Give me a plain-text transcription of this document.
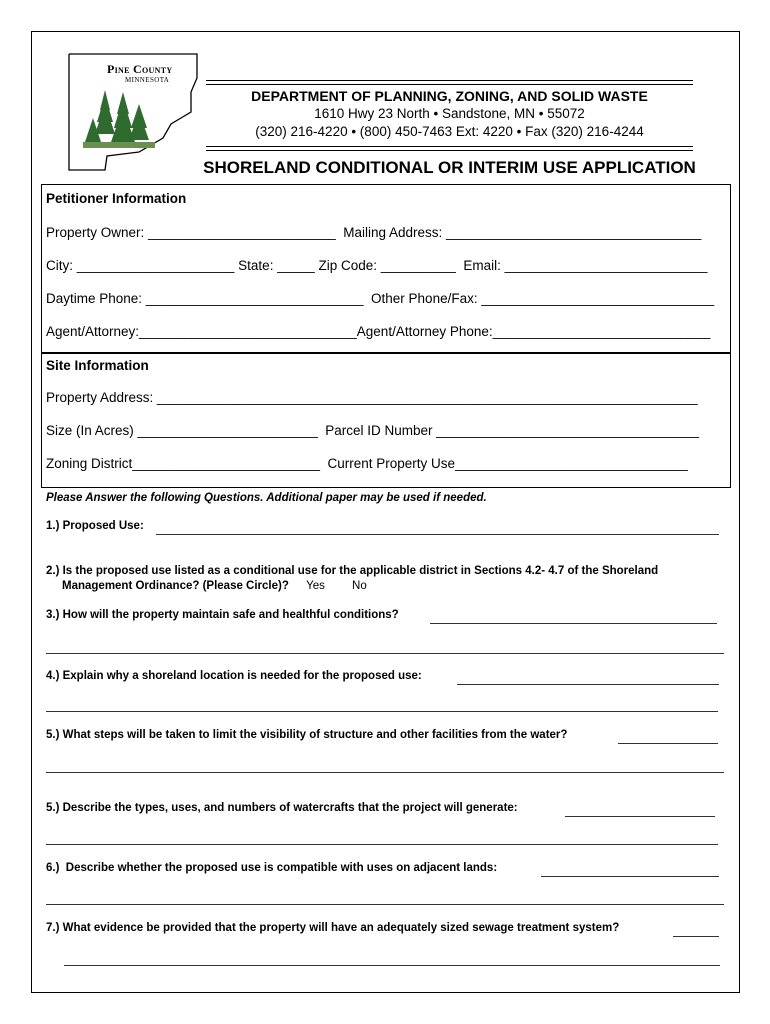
Pine County
MINNESOTA
DEPARTMENT OF PLANNING, ZONING, AND SOLID WASTE
1610 Hwy 23 North • Sandstone, MN • 55072
(320) 216-4220 • (800) 450-7463 Ext: 4220 • Fax (320) 216-4244
SHORELAND CONDITIONAL OR INTERIM USE APPLICATION
Petitioner Information
Property Owner: _________________________  Mailing Address: __________________________________
City: _____________________ State: _____ Zip Code: __________  Email: ___________________________
Daytime Phone: _____________________________  Other Phone/Fax: _______________________________
Agent/Attorney:_____________________________Agent/Attorney Phone:_____________________________
Site Information
Property Address: ________________________________________________________________________
Size (In Acres) ________________________  Parcel ID Number ___________________________________
Zoning District_________________________  Current Property Use_______________________________
Please Answer the following Questions. Additional paper may be used if needed.
1.) Proposed Use:
2.) Is the proposed use listed as a conditional use for the applicable district in Sections 4.2- 4.7 of the Shoreland
Management Ordinance? (Please Circle)? Yes No
3.) How will the property maintain safe and healthful conditions?
4.) Explain why a shoreland location is needed for the proposed use:
5.) What steps will be taken to limit the visibility of structure and other facilities from the water?
5.) Describe the types, uses, and numbers of watercrafts that the project will generate:
6.)  Describe whether the proposed use is compatible with uses on adjacent lands:
7.) What evidence be provided that the property will have an adequately sized sewage treatment system?
